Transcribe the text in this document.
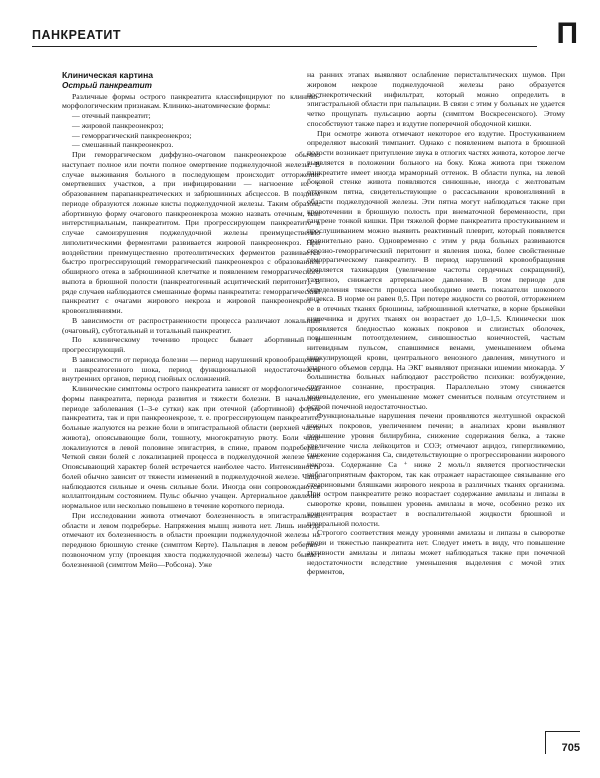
ПАНКРЕАТИТ	П
Клиническая картина
Острый панкреатит

Различные формы острого панкреатита классифицируют по клинико-морфологическим признакам. Клинико-анатомические формы:

— отечный панкреатит;

— жировой панкреонекроз;

— геморрагический панкреонекроз;

— смешанный панкреонекроз.

При геморрагическом диффузно-очаговом панкреонекрозе обычно наступает полное или почти полное омертвение поджелудочной железы. В случае выживания больного в последующем происходит отторжение омертвевших участков, а при инфицировании — нагноение их с образованием парапанкреатических и забрюшинных абсцессов. В позднем периоде образуются ложные кисты поджелудочной железы. Таким образом, абортивную форму очагового панкреонекроза можно назвать отечным, или интерстициальным, панкреатитом. При прогрессирующем панкреатите в случае самоизрушения поджелудочной железы преимущественно липолитическими ферментами развивается жировой панкреонекроз. При воздействии преимущественно протеолитических ферментов развивается быстро прогрессирующий геморрагический панкреонекроз с образованием обширного отека в забрюшинной клетчатке и появлением геморрагического выпота в брюшной полости (панкреатогенный асцитический перитонит). В ряде случаев наблюдаются смешанные формы панкреатита: геморрагический панкреатит с очагами жирового некроза и жировой панкреонекроз с кровоизлияниями.

В зависимости от распространенности процесса различают локальный (очаговый), субтотальный и тотальный панкреатит.

По клиническому течению процесс бывает абортивный и прогрессирующий.

В зависимости от периода болезни — период нарушений кровообращения и панкреатогенного шока, период функциональной недостаточности внутренних органов, период гнойных осложнений.

Клинические симптомы острого панкреатита зависят от морфологической формы панкреатита, периода развития и тяжести болезни. В начальном периоде заболевания (1–3-е сутки) как при отечной (абортивной) форме панкреатита, так и при панкреонекрозе, т. е. прогрессирующем панкреатите, больные жалуются на резкие боли в эпигастральной области (верхней части живота), опоясывающие боли, тошноту, многократную рвоту. Боли чаще локализуются в левой половине эпигастрия, в спине, правом подреберье. Четкой связи болей с локализацией процесса в поджелудочной железе нет. Опоясывающий характер болей встречается наиболее часто. Интенсивность болей обычно зависит от тяжести изменений в поджелудочной железе. Чаще наблюдаются сильные и очень сильные боли. Иногда они сопровождаются коллаптоидным состоянием. Пульс обычно учащен. Артериальное давление нормальное или несколько повышено в течение короткого периода.

При исследовании живота отмечают болезненность в эпигастральной области и левом подреберье. Напряжения мышц живота нет. Лишь иногда отмечают их болезненность в области проекции поджелудочной железы на переднюю брюшную стенке (симптом Керте). Пальпация в левом реберно-позвоночном углу (проекция хвоста поджелудочной железы) часто бывает болезненной (симптом Мейо—Робсона). Уже

на ранних этапах выявляют ослабление перистальтических шумов. При жировом некрозе поджелудочной железы рано образуется постнекротический инфильтрат, который можно определить в эпигастральной области при пальпации. В связи с этим у больных не удается четко прощупать пульсацию аорты (симптом Воскресенского). Этому способствуют также парез и вздутие поперечной ободочной кишки.

При осмотре живота отмечают некоторое его вздутие. Простукиванием определяют высокий тимпанит. Однако с появлением выпота в брюшной полости возникает притупление звука в отлогих частях живота, которое легче выявляется в положении больного на боку. Кожа живота при тяжелом панкреатите имеет иногда мраморный оттенок. В области пупка, на левой боковой стенке живота появляются синюшные, иногда с желтоватым оттенком пятна, свидетельствующие о рассасывании кровоизлияний в области поджелудочной железы. Эти пятна могут наблюдаться также при кровотечении в брюшную полость при внематочной беременности, при гангрене тонкой кишки. При тяжелой форме панкреатита простукиванием и прослушиванием можно выявить реактивный плеврит, который появляется сравнительно рано. Одновременно с этим у ряда больных развиваются серозно-геморрагический перитонит и явления шока, более свойственные геморрагическому панкреатиту. В период нарушений кровообращения появляется тахикардия (увеличение частоты сердечных сокращений), тахипноэ, снижается артериальное давление. В этом периоде для определения тяжести процесса необходимо иметь показатели шокового индекса. В норме он равен 0,5. При потере жидкости со рвотой, отторжением ее в отечных тканях брюшины, забрюшинной клетчатке, в корне брыжейки кишечника и других тканях он возрастает до 1,0–1,5. Клинически шок проявляется бледностью кожных покровов и слизистых оболочек, повышенным потоотделением, синюшностью конечностей, частым нитевидным пульсом, спавшимися венами, уменьшением объема циркулирующей крови, центрального венозного давления, минутного и ударного объемов сердца. На ЭКГ выявляют признаки ишемии миокарда. У большинства больных наблюдают расстройство психики: возбуждение, спутанное сознание, прострация. Параллельно этому снижается мочевыделение, его уменьшение может смениться полным отсутствием и острой почечной недостаточностью.

Функциональные нарушения печени проявляются желтушной окраской кожных покровов, увеличением печени; в анализах крови выявляют повышение уровня билирубина, снижение содержания белка, а также увеличение числа лейкоцитов и СОЭ; отмечают ацидоз, гипергликемию, снижение содержания Ca, свидетельствующие о прогрессировании жирового некроза. Содержание Ca ⁺ ниже 2 моль/л является прогностически неблагоприятным фактором, так как отражает нарастающее связывание его стеариновыми бляшками жирового некроза в различных тканях организма. При остром панкреатите резко возрастает содержание амилазы и липазы в сыворотке крови, повышен уровень амилазы в моче, особенно резко их концентрация возрастает в воспалительной жидкости брюшной и плевральной полости.

Строгого соответствия между уровнями амилазы и липазы в сыворотке крови и тяжестью панкреатита нет. Следует иметь в виду, что повышение активности амилазы и липазы может наблюдаться также при почечной недостаточности вследствие уменьшения выделения с мочой этих ферментов,

705
